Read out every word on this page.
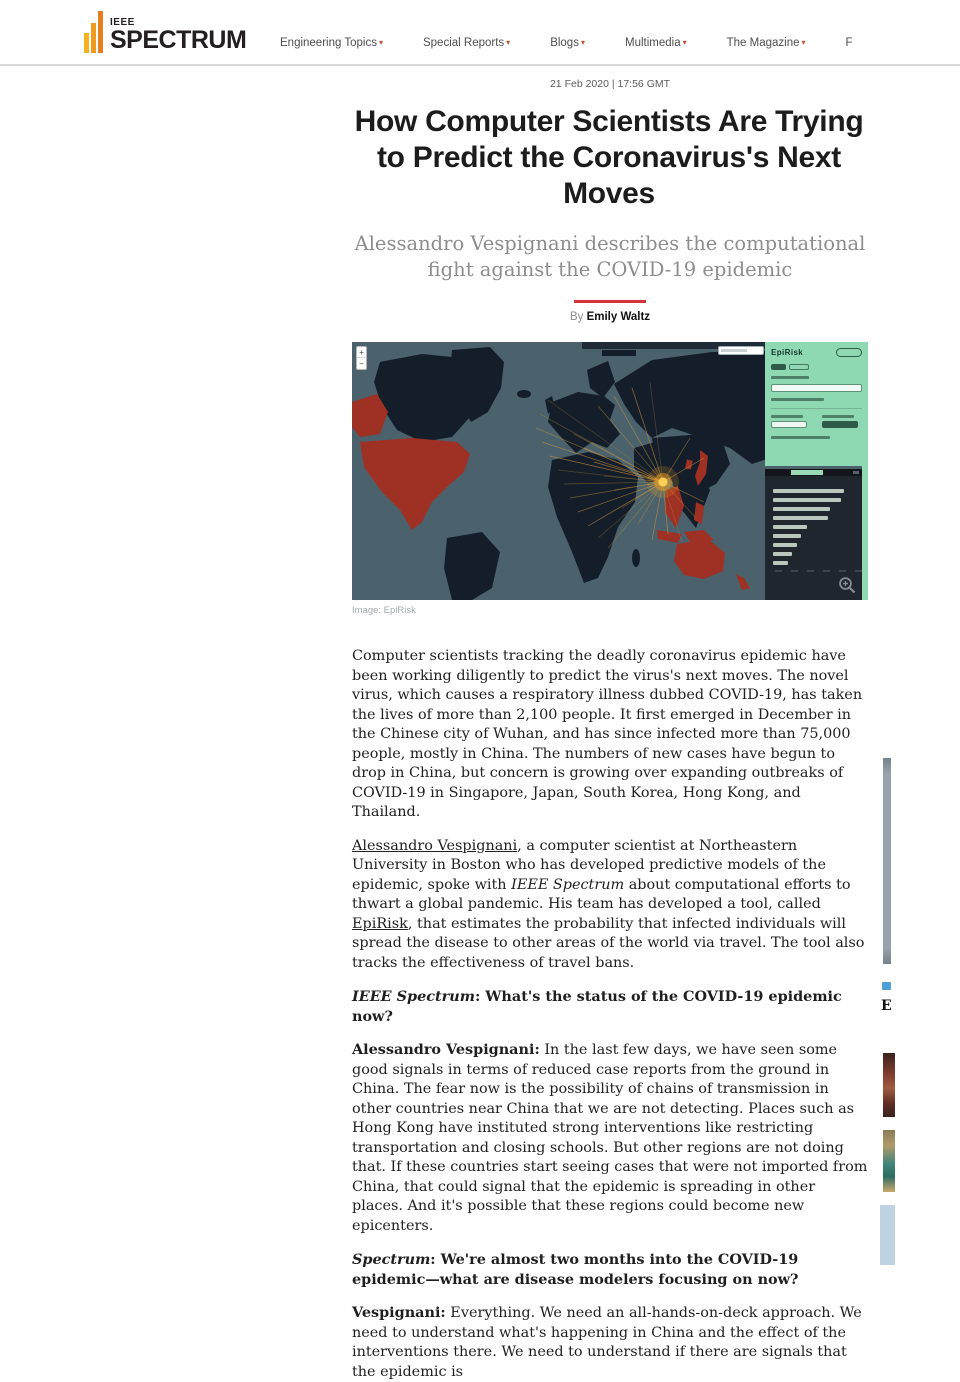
IEEE
SPECTRUM	Engineering Topics ▾	Special Reports ▾	Blogs ▾	Multimedia ▾	The Magazine ▾	F
21 Feb 2020 | 17:56 GMT
How Computer Scientists Are Trying to Predict the Coronavirus's Next Moves
Alessandro Vespignani describes the computational fight against the COVID-19 epidemic
By Emily Waltz
+
−
EpiRisk
Image: EpiRisk

Computer scientists tracking the deadly coronavirus epidemic have been working diligently to predict the virus's next moves. The novel virus, which causes a respiratory illness dubbed COVID-19, has taken the lives of more than 2,100 people. It first emerged in December in the Chinese city of Wuhan, and has since infected more than 75,000 people, mostly in China. The numbers of new cases have begun to drop in China, but concern is growing over expanding outbreaks of COVID-19 in Singapore, Japan, South Korea, Hong Kong, and Thailand.

Alessandro Vespignani, a computer scientist at Northeastern University in Boston who has developed predictive models of the epidemic, spoke with IEEE Spectrum about computational efforts to thwart a global pandemic. His team has developed a tool, called EpiRisk, that estimates the probability that infected individuals will spread the disease to other areas of the world via travel. The tool also tracks the effectiveness of travel bans.

IEEE Spectrum: What's the status of the COVID-19 epidemic now?

Alessandro Vespignani: In the last few days, we have seen some good signals in terms of reduced case reports from the ground in China. The fear now is the possibility of chains of transmission in other countries near China that we are not detecting. Places such as Hong Kong have instituted strong interventions like restricting transportation and closing schools. But other regions are not doing that. If these countries start seeing cases that were not imported from China, that could signal that the epidemic is spreading in other places. And it's possible that these regions could become new epicenters.

Spectrum: We're almost two months into the COVID-19 epidemic—what are disease modelers focusing on now?

Vespignani: Everything. We need an all-hands-on-deck approach. We need to understand what's happening in China and the effect of the interventions there. We need to understand if there are signals that the epidemic is

E
